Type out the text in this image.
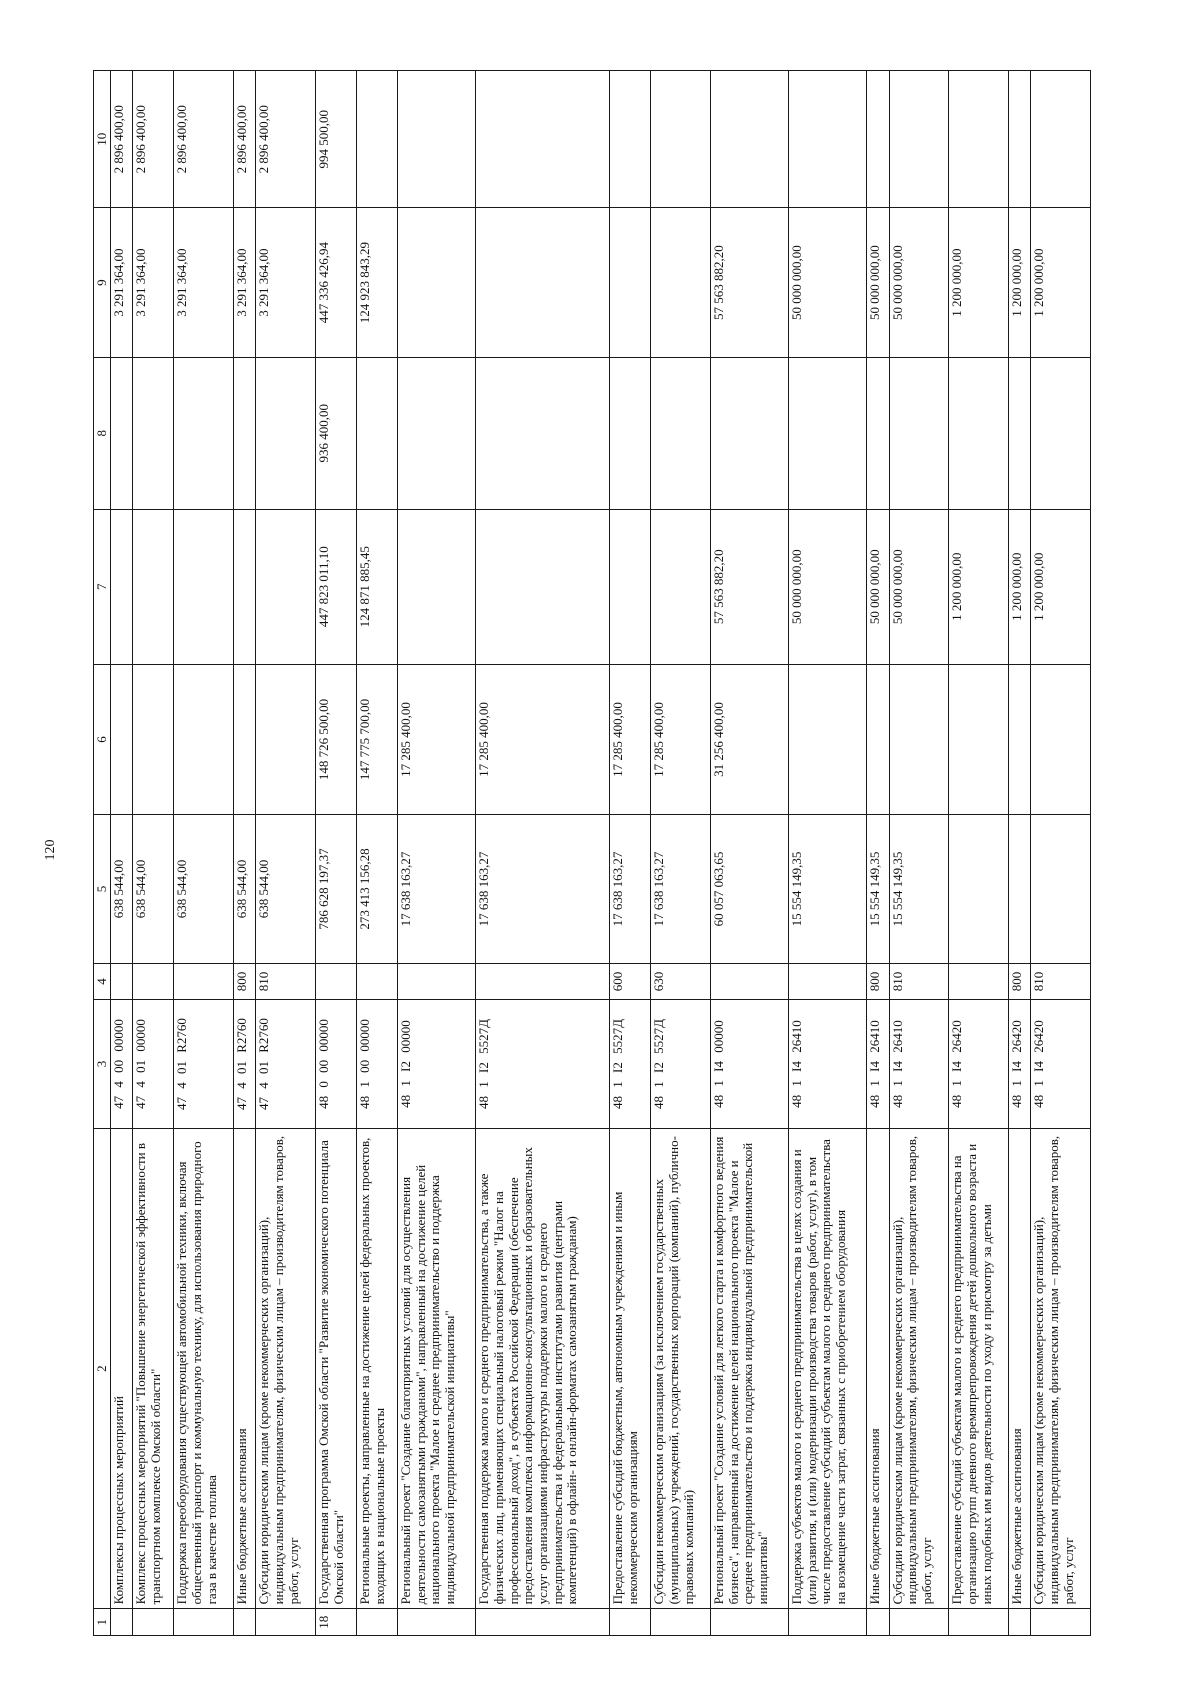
120
1	2	3	4	5	6	7	8	9	10
	Комплексы процессных мероприятий	47 4 00 00000		638 544,00				3 291 364,00	2 896 400,00
	Комплекс процессных мероприятий "Повышение энергетической эффективности в транспортном комплексе Омской области"	47 4 01 00000		638 544,00				3 291 364,00	2 896 400,00
	Поддержка переоборудования существующей автомобильной техники, включая общественный транспорт и коммунальную технику, для использования природного газа в качестве топлива	47 4 01 R2760		638 544,00				3 291 364,00	2 896 400,00
	Иные бюджетные ассигнования	47 4 01 R2760	800	638 544,00				3 291 364,00	2 896 400,00
	Субсидии юридическим лицам (кроме некоммерческих организаций), индивидуальным предпринимателям, физическим лицам – производителям товаров, работ, услуг	47 4 01 R2760	810	638 544,00				3 291 364,00	2 896 400,00
18	Государственная программа Омской области "Развитие экономического потенциала Омской области"	48 0 00 00000		786 628 197,37	148 726 500,00	447 823 011,10	936 400,00	447 336 426,94	994 500,00
	Региональные проекты, направленные на достижение целей федеральных проектов, входящих в национальные проекты	48 1 00 00000		273 413 156,28	147 775 700,00	124 871 885,45		124 923 843,29	
	Региональный проект "Создание благоприятных условий для осуществления деятельности самозанятыми гражданами", направленный на достижение целей национального проекта "Малое и среднее предпринимательство и поддержка индивидуальной предпринимательской инициативы"	48 1 I2 00000		17 638 163,27	17 285 400,00				
	Государственная поддержка малого и среднего предпринимательства, а также физических лиц, применяющих специальный налоговый режим "Налог на профессиональный доход", в субъектах Российской Федерации (обеспечение предоставления комплекса информационно-консультационных и образовательных услуг организациями инфраструктуры поддержки малого и среднего предпринимательства и федеральными институтами развития (центрами компетенций) в офлайн- и онлайн-форматах самозанятым гражданам)	48 1 I2 5527Д		17 638 163,27	17 285 400,00				
	Предоставление субсидий бюджетным, автономным учреждениям и иным некоммерческим организациям	48 1 I2 5527Д	600	17 638 163,27	17 285 400,00				
	Субсидии некоммерческим организациям (за исключением государственных (муниципальных) учреждений, государственных корпораций (компаний), публично-правовых компаний)	48 1 I2 5527Д	630	17 638 163,27	17 285 400,00				
	Региональный проект "Создание условий для легкого старта и комфортного ведения бизнеса", направленный на достижение целей национального проекта "Малое и среднее предпринимательство и поддержка индивидуальной предпринимательской инициативы"	48 1 I4 00000		60 057 063,65	31 256 400,00	57 563 882,20		57 563 882,20	
	Поддержка субъектов малого и среднего предпринимательства в целях создания и (или) развития, и (или) модернизации производства товаров (работ, услуг), в том числе предоставление субсидий субъектам малого и среднего предпринимательства на возмещение части затрат, связанных с приобретением оборудования	48 1 I4 26410		15 554 149,35		50 000 000,00		50 000 000,00	
	Иные бюджетные ассигнования	48 1 I4 26410	800	15 554 149,35		50 000 000,00		50 000 000,00	
	Субсидии юридическим лицам (кроме некоммерческих организаций), индивидуальным предпринимателям, физическим лицам – производителям товаров, работ, услуг	48 1 I4 26410	810	15 554 149,35		50 000 000,00		50 000 000,00	
	Предоставление субсидий субъектам малого и среднего предпринимательства на организацию групп дневного времяпрепровождения детей дошкольного возраста и иных подобных им видов деятельности по уходу и присмотру за детьми	48 1 I4 26420				1 200 000,00		1 200 000,00	
	Иные бюджетные ассигнования	48 1 I4 26420	800			1 200 000,00		1 200 000,00	
	Субсидии юридическим лицам (кроме некоммерческих организаций), индивидуальным предпринимателям, физическим лицам – производителям товаров, работ, услуг	48 1 I4 26420	810			1 200 000,00		1 200 000,00	
